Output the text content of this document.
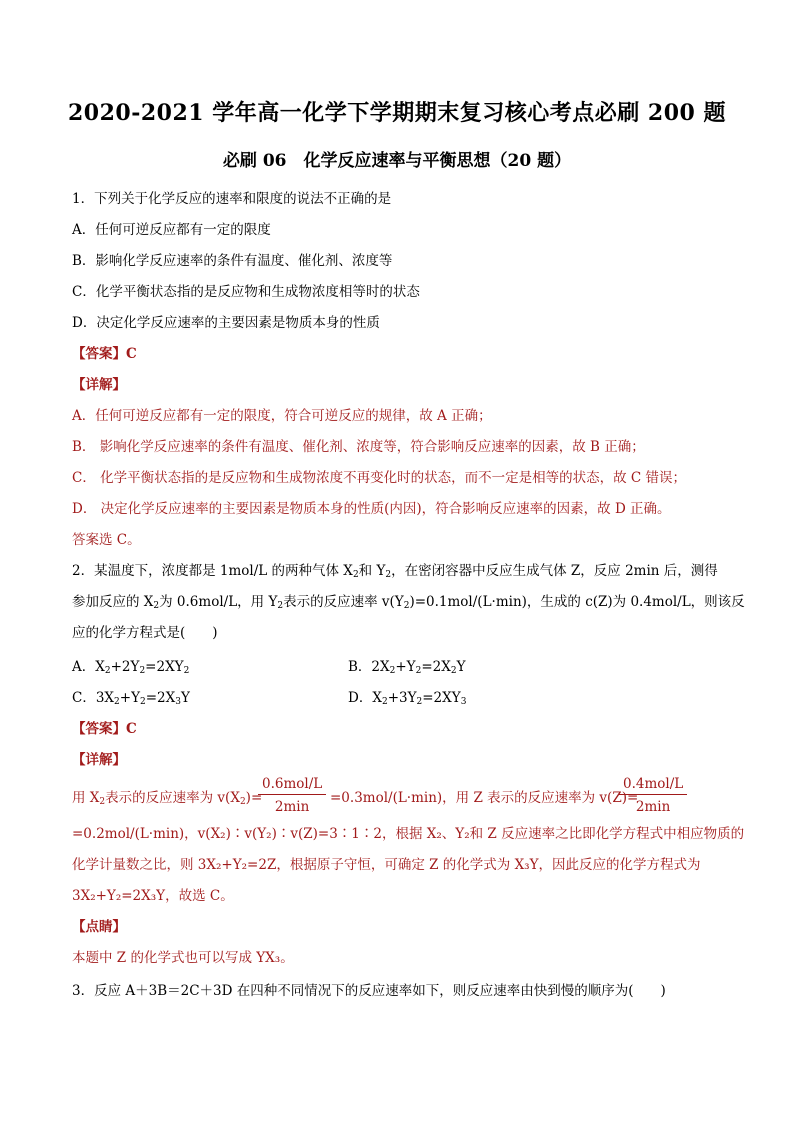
2020-2021 学年高一化学下学期期末复习核心考点必刷 200 题
必刷 06　化学反应速率与平衡思想（20 题）
1．下列关于化学反应的速率和限度的说法不正确的是
A．任何可逆反应都有一定的限度
B．影响化学反应速率的条件有温度、催化剂、浓度等
C．化学平衡状态指的是反应物和生成物浓度相等时的状态
D．决定化学反应速率的主要因素是物质本身的性质
【答案】C
【详解】
A．任何可逆反应都有一定的限度，符合可逆反应的规律，故 A 正确；
B． 影响化学反应速率的条件有温度、催化剂、浓度等，符合影响反应速率的因素，故 B 正确；
C． 化学平衡状态指的是反应物和生成物浓度不再变化时的状态，而不一定是相等的状态，故 C 错误；
D． 决定化学反应速率的主要因素是物质本身的性质(内因)，符合影响反应速率的因素，故 D 正确。
答案选 C。
2．某温度下，浓度都是 1mol/L 的两种气体 $X_2$和 $Y_2$，在密闭容器中反应生成气体 Z，反应 2min 后，测得
参加反应的 $X_2$为 0.6mol/L，用 $Y_2$表示的反应速率 $v(Y_2)=0.1mol/(L\cdot\min)$，生成的 c(Z)为 0.4mol/L，则该反
应的化学方程式是(　　)
A．$X_2+2Y_2=2XY_2$	B．$2X_2+Y_2=2X_2Y$
C．$3X_2+Y_2=2X_3Y$	D．$X_2+3Y_2=2XY_3$
【答案】C
【详解】
用 $X_2$表示的反应速率为 $v(X_2)=$
0.6mol/L
2min
=0.3mol/(L·min)，用 Z 表示的反应速率为 v(Z)=
0.4mol/L
2min
=0.2mol/(L·min)，v(X₂)∶v(Y₂)∶v(Z)=3∶1∶2，根据 X₂、Y₂和 Z 反应速率之比即化学方程式中相应物质的
化学计量数之比，则 3X₂+Y₂=2Z，根据原子守恒，可确定 Z 的化学式为 X₃Y，因此反应的化学方程式为
3X₂+Y₂=2X₃Y，故选 C。
【点睛】
本题中 Z 的化学式也可以写成 YX₃。
3．反应 A＋3B＝2C＋3D 在四种不同情况下的反应速率如下，则反应速率由快到慢的顺序为(　　)
